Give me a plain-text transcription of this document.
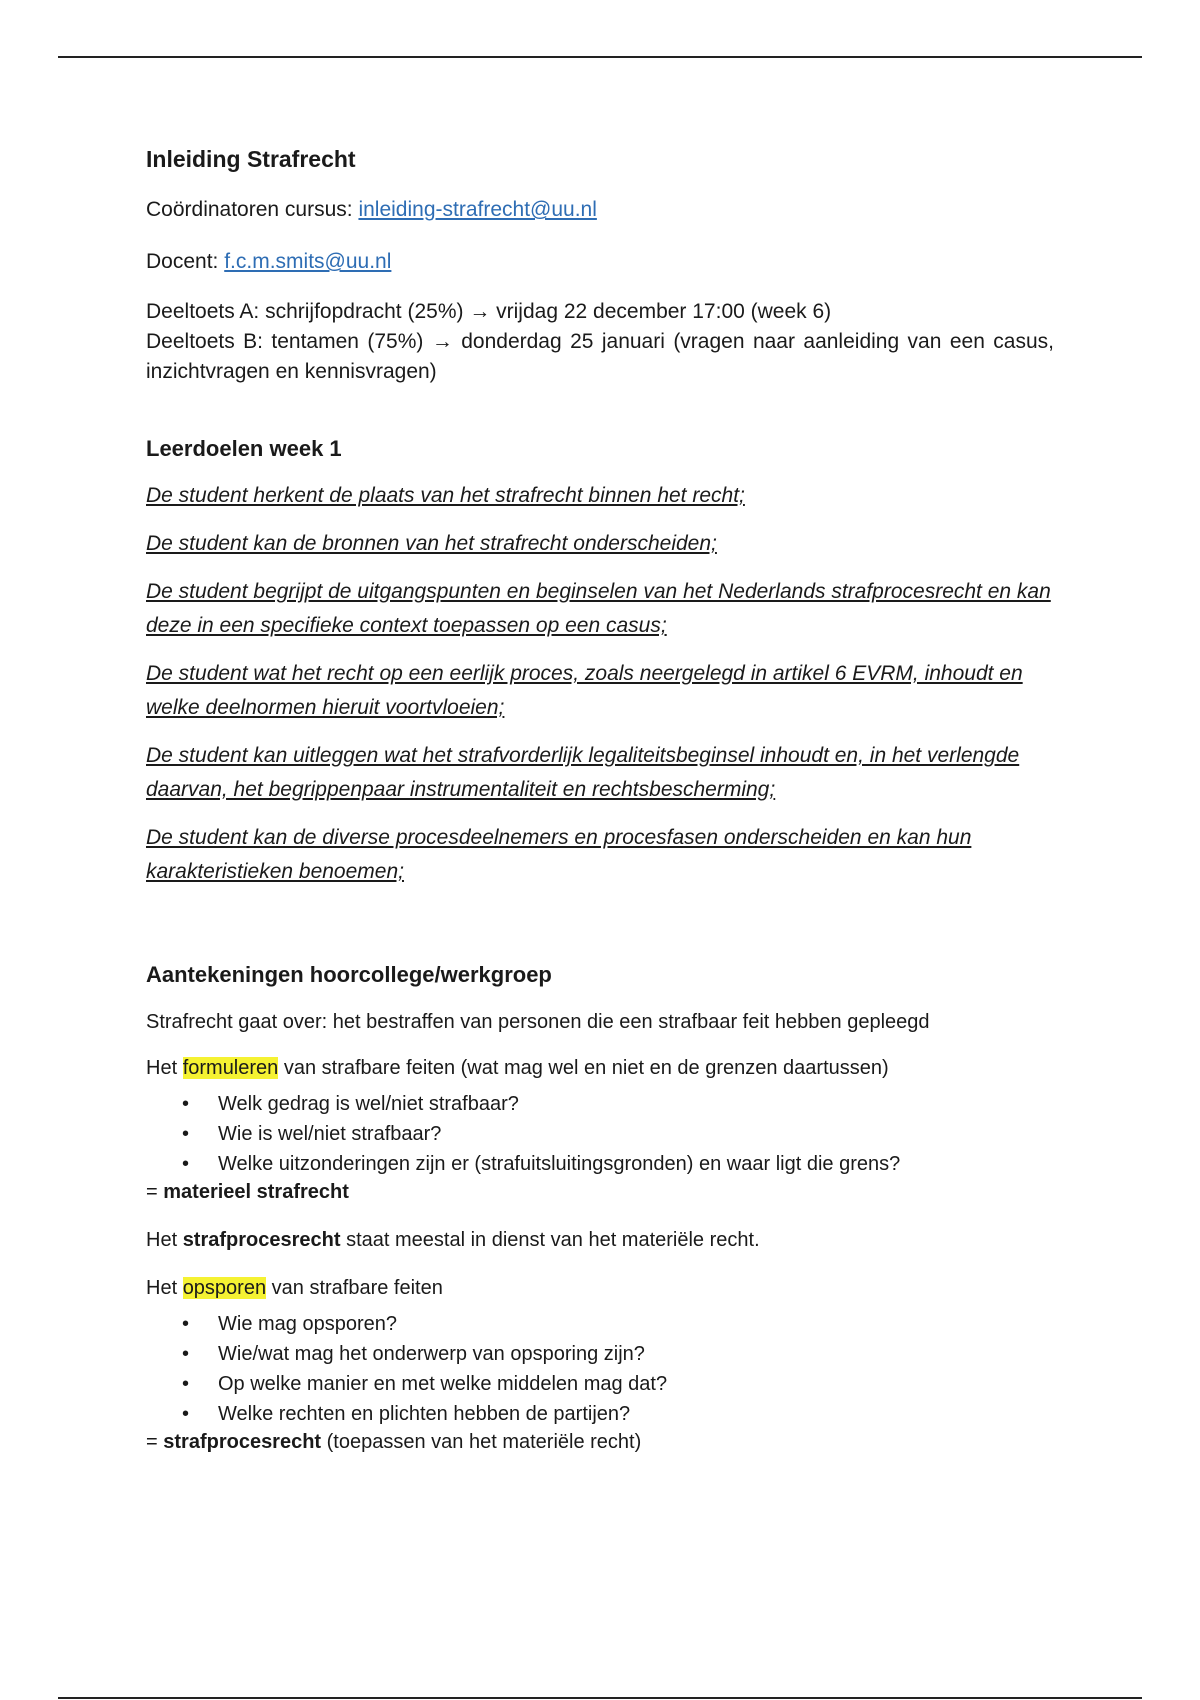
Inleiding Strafrecht

Coördinatoren cursus: inleiding-strafrecht@uu.nl

Docent: f.c.m.smits@uu.nl

Deeltoets A: schrijfopdracht (25%) → vrijdag 22 december 17:00 (week 6)

Deeltoets B: tentamen (75%) → donderdag 25 januari (vragen naar aanleiding van een casus, inzichtvragen en kennisvragen)

Leerdoelen week 1

De student herkent de plaats van het strafrecht binnen het recht;

De student kan de bronnen van het strafrecht onderscheiden;

De student begrijpt de uitgangspunten en beginselen van het Nederlands strafprocesrecht en kan deze in een specifieke context toepassen op een casus;

De student wat het recht op een eerlijk proces, zoals neergelegd in artikel 6 EVRM, inhoudt en welke deelnormen hieruit voortvloeien;

De student kan uitleggen wat het strafvorderlijk legaliteitsbeginsel inhoudt en, in het verlengde daarvan, het begrippenpaar instrumentaliteit en rechtsbescherming;

De student kan de diverse procesdeelnemers en procesfasen onderscheiden en kan hun karakteristieken benoemen;

Aantekeningen hoorcollege/werkgroep

Strafrecht gaat over: het bestraffen van personen die een strafbaar feit hebben gepleegd

Het formuleren van strafbare feiten (wat mag wel en niet en de grenzen daartussen)

• Welk gedrag is wel/niet strafbaar?
• Wie is wel/niet strafbaar?
• Welke uitzonderingen zijn er (strafuitsluitingsgronden) en waar ligt die grens?

= materieel strafrecht

Het strafprocesrecht staat meestal in dienst van het materiële recht.

Het opsporen van strafbare feiten

• Wie mag opsporen?
• Wie/wat mag het onderwerp van opsporing zijn?
• Op welke manier en met welke middelen mag dat?
• Welke rechten en plichten hebben de partijen?

= strafprocesrecht (toepassen van het materiële recht)
